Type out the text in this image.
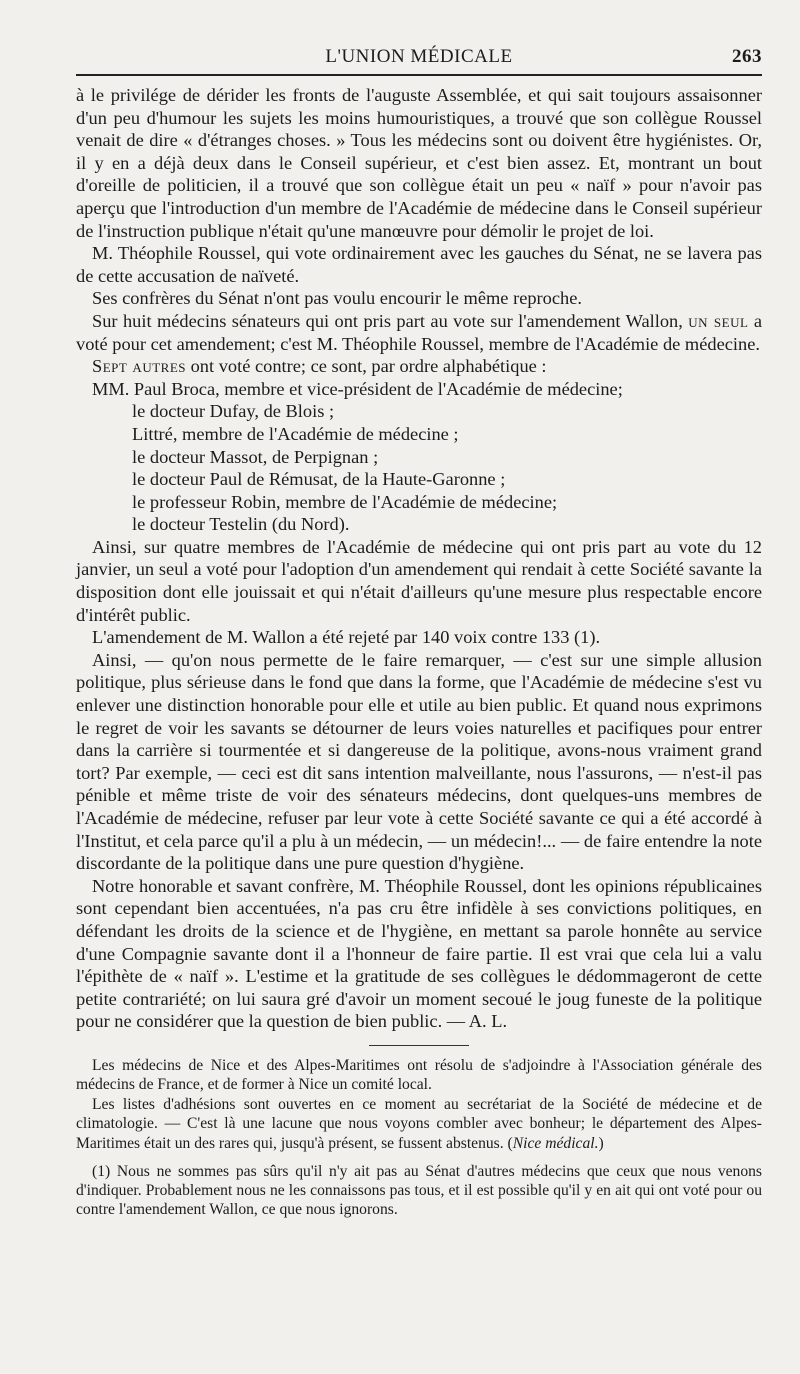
L'UNION MÉDICALE	263

à le privilége de dérider les fronts de l'auguste Assemblée, et qui sait toujours assaisonner d'un peu d'humour les sujets les moins humouristiques, a trouvé que son collègue Roussel venait de dire « d'étranges choses. » Tous les médecins sont ou doivent être hygiénistes. Or, il y en a déjà deux dans le Conseil supérieur, et c'est bien assez. Et, montrant un bout d'oreille de politicien, il a trouvé que son collègue était un peu « naïf » pour n'avoir pas aperçu que l'introduction d'un membre de l'Académie de médecine dans le Conseil supérieur de l'instruction publique n'était qu'une manœuvre pour démolir le projet de loi.

M. Théophile Roussel, qui vote ordinairement avec les gauches du Sénat, ne se lavera pas de cette accusation de naïveté.

Ses confrères du Sénat n'ont pas voulu encourir le même reproche.

Sur huit médecins sénateurs qui ont pris part au vote sur l'amendement Wallon, un seul a voté pour cet amendement; c'est M. Théophile Roussel, membre de l'Académie de médecine.

Sept autres ont voté contre; ce sont, par ordre alphabétique :

MM. Paul Broca, membre et vice-président de l'Académie de médecine;
le docteur Dufay, de Blois ;
Littré, membre de l'Académie de médecine ;
le docteur Massot, de Perpignan ;
le docteur Paul de Rémusat, de la Haute-Garonne ;
le professeur Robin, membre de l'Académie de médecine;
le docteur Testelin (du Nord).

Ainsi, sur quatre membres de l'Académie de médecine qui ont pris part au vote du 12 janvier, un seul a voté pour l'adoption d'un amendement qui rendait à cette Société savante la disposition dont elle jouissait et qui n'était d'ailleurs qu'une mesure plus respectable encore d'intérêt public.

L'amendement de M. Wallon a été rejeté par 140 voix contre 133 (1).

Ainsi, — qu'on nous permette de le faire remarquer, — c'est sur une simple allusion politique, plus sérieuse dans le fond que dans la forme, que l'Académie de médecine s'est vu enlever une distinction honorable pour elle et utile au bien public. Et quand nous exprimons le regret de voir les savants se détourner de leurs voies naturelles et pacifiques pour entrer dans la carrière si tourmentée et si dangereuse de la politique, avons-nous vraiment grand tort? Par exemple, — ceci est dit sans intention malveillante, nous l'assurons, — n'est-il pas pénible et même triste de voir des sénateurs médecins, dont quelques-uns membres de l'Académie de médecine, refuser par leur vote à cette Société savante ce qui a été accordé à l'Institut, et cela parce qu'il a plu à un médecin, — un médecin!... — de faire entendre la note discordante de la politique dans une pure question d'hygiène.

Notre honorable et savant confrère, M. Théophile Roussel, dont les opinions républicaines sont cependant bien accentuées, n'a pas cru être infidèle à ses convictions politiques, en défendant les droits de la science et de l'hygiène, en mettant sa parole honnête au service d'une Compagnie savante dont il a l'honneur de faire partie. Il est vrai que cela lui a valu l'épithète de « naïf ». L'estime et la gratitude de ses collègues le dédommageront de cette petite contrariété; on lui saura gré d'avoir un moment secoué le joug funeste de la politique pour ne considérer que la question de bien public. — A. L.

Les médecins de Nice et des Alpes-Maritimes ont résolu de s'adjoindre à l'Association générale des médecins de France, et de former à Nice un comité local.

Les listes d'adhésions sont ouvertes en ce moment au secrétariat de la Société de médecine et de climatologie. — C'est là une lacune que nous voyons combler avec bonheur; le département des Alpes-Maritimes était un des rares qui, jusqu'à présent, se fussent abstenus. (Nice médical.)

(1) Nous ne sommes pas sûrs qu'il n'y ait pas au Sénat d'autres médecins que ceux que nous venons d'indiquer. Probablement nous ne les connaissons pas tous, et il est possible qu'il y en ait qui ont voté pour ou contre l'amendement Wallon, ce que nous ignorons.
